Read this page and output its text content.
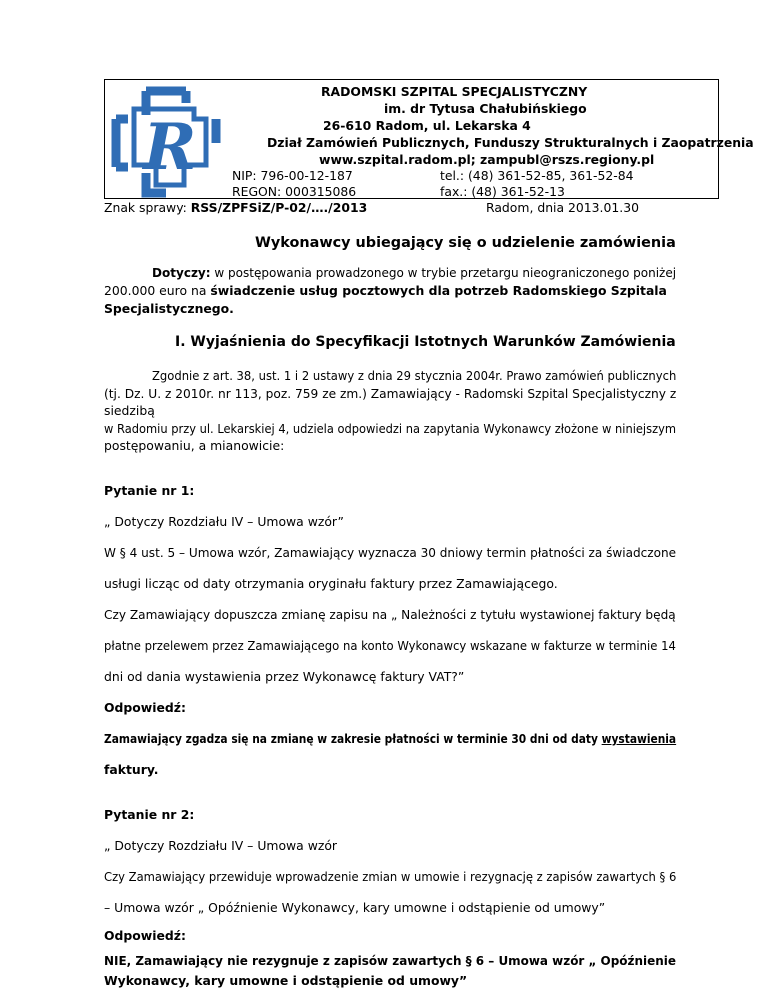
R
RADOMSKI SZPITAL SPECJALISTYCZNY
im. dr Tytusa Chałubińskiego
26-610 Radom, ul. Lekarska 4
Dział Zamówień Publicznych, Funduszy Strukturalnych i Zaopatrzenia
www.szpital.radom.pl; zampubl@rszs.regiony.pl
NIP: 796-00-12-187	tel.: (48) 361-52-85, 361-52-84
REGON: 000315086	fax.: (48) 361-52-13
Znak sprawy: RSS/ZPFSiZ/P-02/…./2013	Radom, dnia 2013.01.30
Wykonawcy ubiegający się o udzielenie zamówienia
Dotyczy: w postępowania prowadzonego w trybie przetargu nieograniczonego poniżej
200.000 euro na świadczenie usług pocztowych dla potrzeb Radomskiego Szpitala
Specjalistycznego.
I. Wyjaśnienia do Specyfikacji Istotnych Warunków Zamówienia
Zgodnie z art. 38, ust. 1 i 2 ustawy z dnia 29 stycznia 2004r. Prawo zamówień publicznych
(tj. Dz. U. z 2010r. nr 113, poz. 759 ze zm.) Zamawiający - Radomski Szpital Specjalistyczny z
siedzibą
w Radomiu przy ul. Lekarskiej 4, udziela odpowiedzi na zapytania Wykonawcy złożone w niniejszym
postępowaniu, a mianowicie:
Pytanie nr 1:
„ Dotyczy Rozdziału IV – Umowa wzór”
W § 4 ust. 5 – Umowa wzór, Zamawiający wyznacza 30 dniowy termin płatności za świadczone
usługi licząc od daty otrzymania oryginału faktury przez Zamawiającego.
Czy Zamawiający dopuszcza zmianę zapisu na „ Należności z tytułu wystawionej faktury będą
płatne przelewem przez Zamawiającego na konto Wykonawcy wskazane w fakturze w terminie 14
dni od dania wystawienia przez Wykonawcę faktury VAT?”
Odpowiedź:
Zamawiający zgadza się na zmianę w zakresie płatności w terminie 30 dni od daty wystawienia
faktury.
Pytanie nr 2:
„ Dotyczy Rozdziału IV – Umowa wzór
Czy Zamawiający przewiduje wprowadzenie zmian w umowie i rezygnację z zapisów zawartych § 6
– Umowa wzór „ Opóźnienie Wykonawcy, kary umowne i odstąpienie od umowy”
Odpowiedź:
NIE, Zamawiający nie rezygnuje z zapisów zawartych § 6 – Umowa wzór „ Opóźnienie
Wykonawcy, kary umowne i odstąpienie od umowy”
